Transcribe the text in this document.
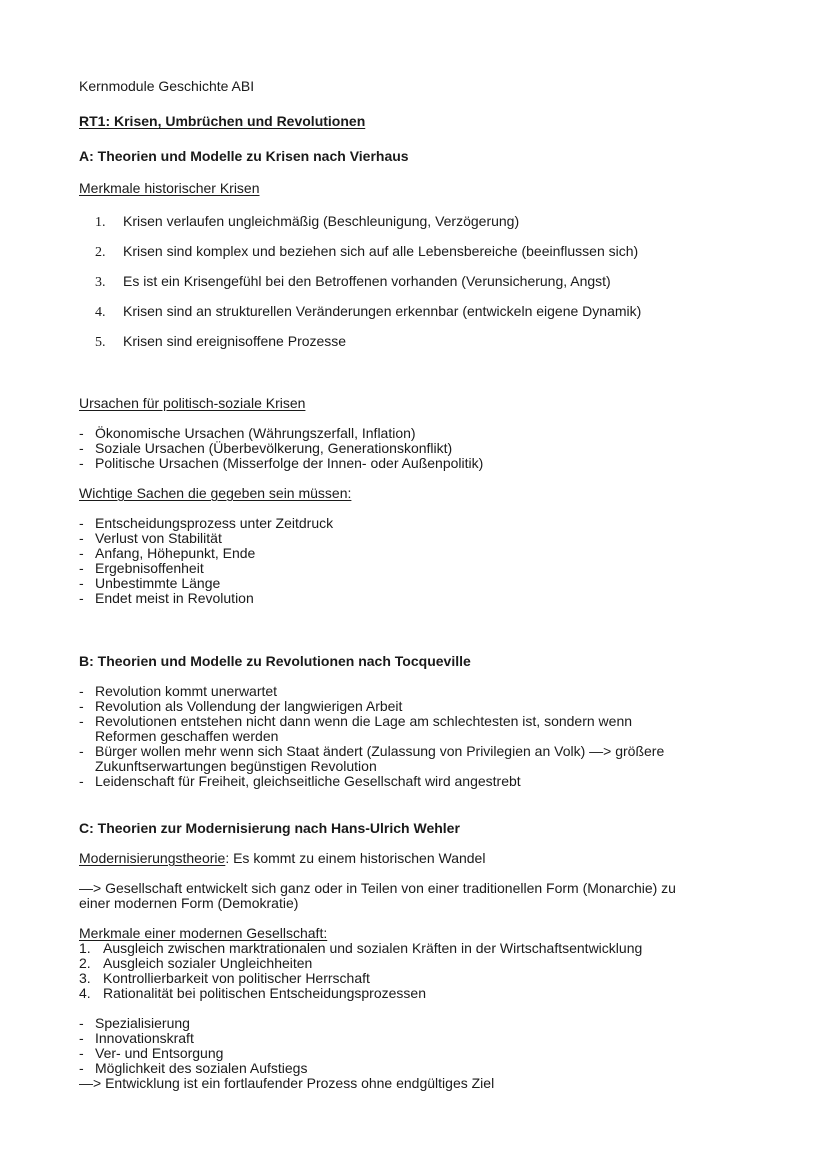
Kernmodule Geschichte ABI
RT1: Krisen, Umbrüchen und Revolutionen
A: Theorien und Modelle zu Krisen nach Vierhaus
Merkmale historischer Krisen
1. Krisen verlaufen ungleichmäßig (Beschleunigung, Verzögerung)
2. Krisen sind komplex und beziehen sich auf alle Lebensbereiche (beeinflussen sich)
3. Es ist ein Krisengefühl bei den Betroffenen vorhanden (Verunsicherung, Angst)
4. Krisen sind an strukturellen Veränderungen erkennbar (entwickeln eigene Dynamik)
5. Krisen sind ereignisoffene Prozesse
Ursachen für politisch-soziale Krisen
- Ökonomische Ursachen (Währungszerfall, Inflation)
- Soziale Ursachen (Überbevölkerung, Generationskonflikt)
- Politische Ursachen (Misserfolge der Innen- oder Außenpolitik)
Wichtige Sachen die gegeben sein müssen:
- Entscheidungsprozess unter Zeitdruck
- Verlust von Stabilität
- Anfang, Höhepunkt, Ende
- Ergebnisoffenheit
- Unbestimmte Länge
- Endet meist in Revolution
B: Theorien und Modelle zu Revolutionen nach Tocqueville
- Revolution kommt unerwartet
- Revolution als Vollendung der langwierigen Arbeit
- Revolutionen entstehen nicht dann wenn die Lage am schlechtesten ist, sondern wenn
Reformen geschaffen werden
- Bürger wollen mehr wenn sich Staat ändert (Zulassung von Privilegien an Volk) —> größere
Zukunftserwartungen begünstigen Revolution
- Leidenschaft für Freiheit, gleichseitliche Gesellschaft wird angestrebt
C: Theorien zur Modernisierung nach Hans-Ulrich Wehler
Modernisierungstheorie: Es kommt zu einem historischen Wandel
—> Gesellschaft entwickelt sich ganz oder in Teilen von einer traditionellen Form (Monarchie) zu
einer modernen Form (Demokratie)
Merkmale einer modernen Gesellschaft:
1. Ausgleich zwischen marktrationalen und sozialen Kräften in der Wirtschaftsentwicklung
2. Ausgleich sozialer Ungleichheiten
3. Kontrollierbarkeit von politischer Herrschaft
4. Rationalität bei politischen Entscheidungsprozessen
- Spezialisierung
- Innovationskraft
- Ver- und Entsorgung
- Möglichkeit des sozialen Aufstiegs
—> Entwicklung ist ein fortlaufender Prozess ohne endgültiges Ziel
